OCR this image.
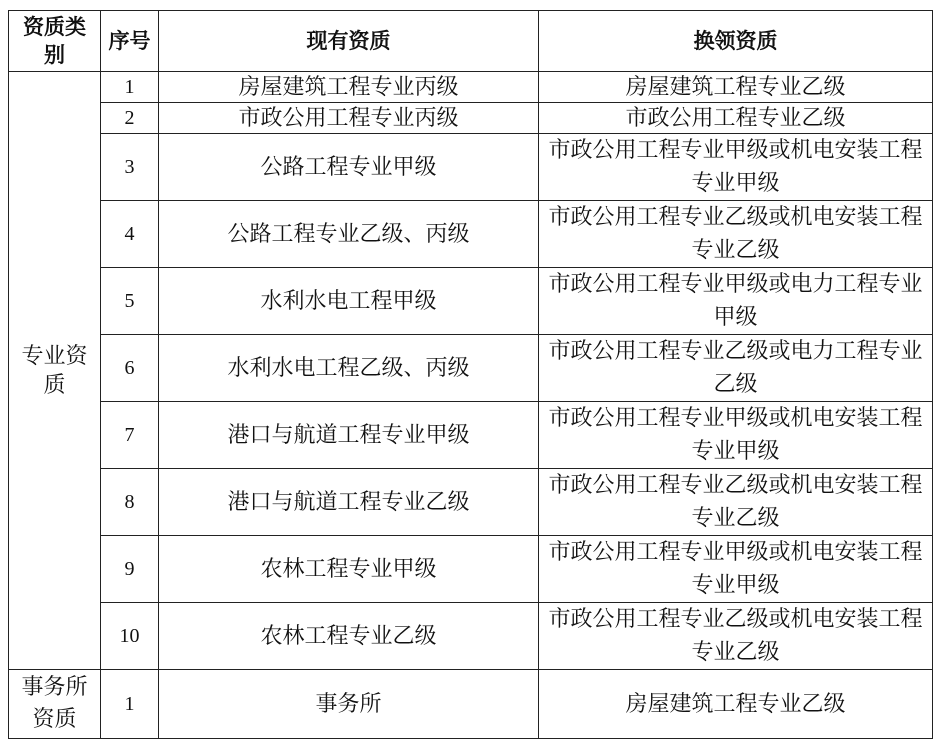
资质类别	序号	现有资质	换领资质
专业资质	1	房屋建筑工程专业丙级	房屋建筑工程专业乙级
	2	市政公用工程专业丙级	市政公用工程专业乙级
	3	公路工程专业甲级	市政公用工程专业甲级或机电安装工程专业甲级
	4	公路工程专业乙级、丙级	市政公用工程专业乙级或机电安装工程专业乙级
	5	水利水电工程甲级	市政公用工程专业甲级或电力工程专业甲级
	6	水利水电工程乙级、丙级	市政公用工程专业乙级或电力工程专业乙级
	7	港口与航道工程专业甲级	市政公用工程专业甲级或机电安装工程专业甲级
	8	港口与航道工程专业乙级	市政公用工程专业乙级或机电安装工程专业乙级
	9	农林工程专业甲级	市政公用工程专业甲级或机电安装工程专业甲级
	10	农林工程专业乙级	市政公用工程专业乙级或机电安装工程专业乙级
事务所资质	1	事务所	房屋建筑工程专业乙级
